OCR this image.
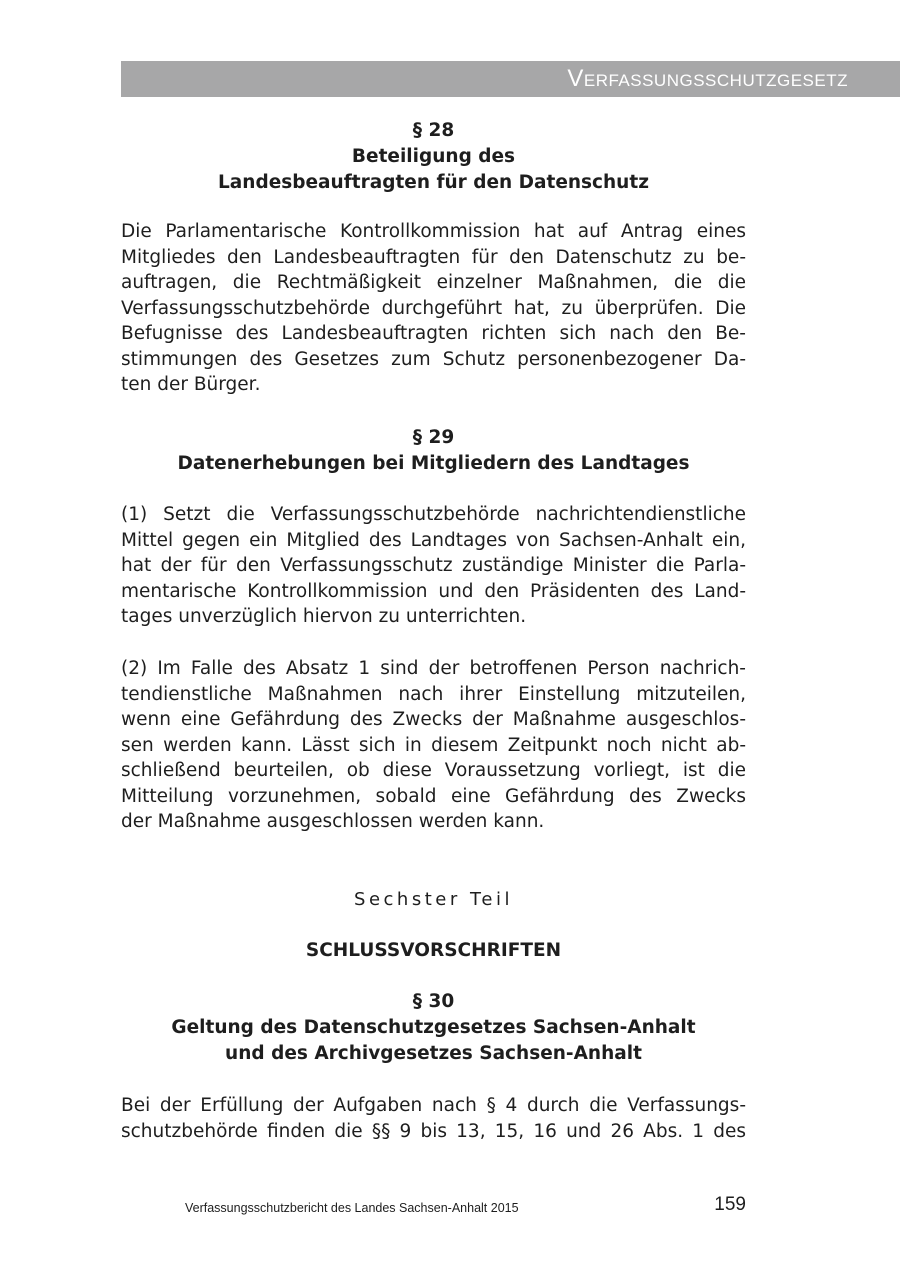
Verfassungsschutzgesetz
§ 28
Beteiligung des
Landesbeauftragten für den Datenschutz
Die Parlamentarische Kontrollkommission hat auf Antrag eines
Mitgliedes den Landesbeauftragten für den Datenschutz zu be-
auftragen, die Rechtmäßigkeit einzelner Maßnahmen, die die
Verfassungsschutzbehörde durchgeführt hat, zu überprüfen. Die
Befugnisse des Landesbeauftragten richten sich nach den Be-
stimmungen des Gesetzes zum Schutz personenbezogener Da-
ten der Bürger.
§ 29
Datenerhebungen bei Mitgliedern des Landtages
(1) Setzt die Verfassungsschutzbehörde nachrichtendienstliche
Mittel gegen ein Mitglied des Landtages von Sachsen-Anhalt ein,
hat der für den Verfassungsschutz zuständige Minister die Parla-
mentarische Kontrollkommission und den Präsidenten des Land-
tages unverzüglich hiervon zu unterrichten.
(2) Im Falle des Absatz 1 sind der betroffenen Person nachrich-
tendienstliche Maßnahmen nach ihrer Einstellung mitzuteilen,
wenn eine Gefährdung des Zwecks der Maßnahme ausgeschlos-
sen werden kann. Lässt sich in diesem Zeitpunkt noch nicht ab-
schließend beurteilen, ob diese Voraussetzung vorliegt, ist die
Mitteilung vorzunehmen, sobald eine Gefährdung des Zwecks
der Maßnahme ausgeschlossen werden kann.
Sechster Teil
SCHLUSSVORSCHRIFTEN
§ 30
Geltung des Datenschutzgesetzes Sachsen-Anhalt
und des Archivgesetzes Sachsen-Anhalt
Bei der Erfüllung der Aufgaben nach § 4 durch die Verfassungs-
schutzbehörde finden die §§ 9 bis 13, 15, 16 und 26 Abs. 1 des
Verfassungsschutzbericht des Landes Sachsen-Anhalt 2015	159
